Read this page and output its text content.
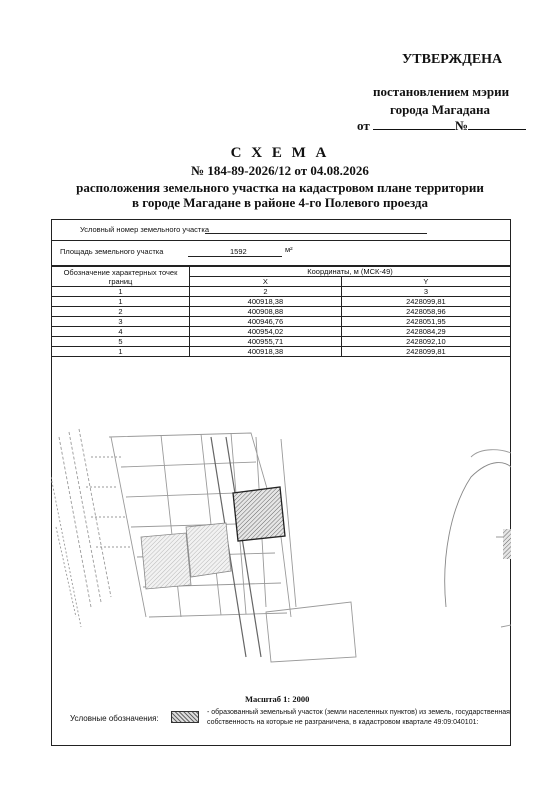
УТВЕРЖДЕНА
постановлением мэрии
города Магадана
от	№
С Х Е М А
№ 184-89-2026/12 от 04.08.2026
расположения земельного участка на кадастровом плане территории
в городе Магадане в районе 4-го Полевого проезда
Условный номер земельного участка
Площадь земельного участка	1592	м²
Обозначение характерных точек границ	Координаты, м (МСК-49)	
	X	Y
1	2	3
1	400918,38	2428099,81
2	400908,88	2428058,96
3	400946,76	2428051,95
4	400954,02	2428084,29
5	400955,71	2428092,10
1	400918,38	2428099,81
Масштаб 1: 2000
Условные обозначения:
- образованный земельный участок (земли населенных пунктов) из земель, государственная
собственность на которые не разграничена, в кадастровом квартале 49:09:040101:
